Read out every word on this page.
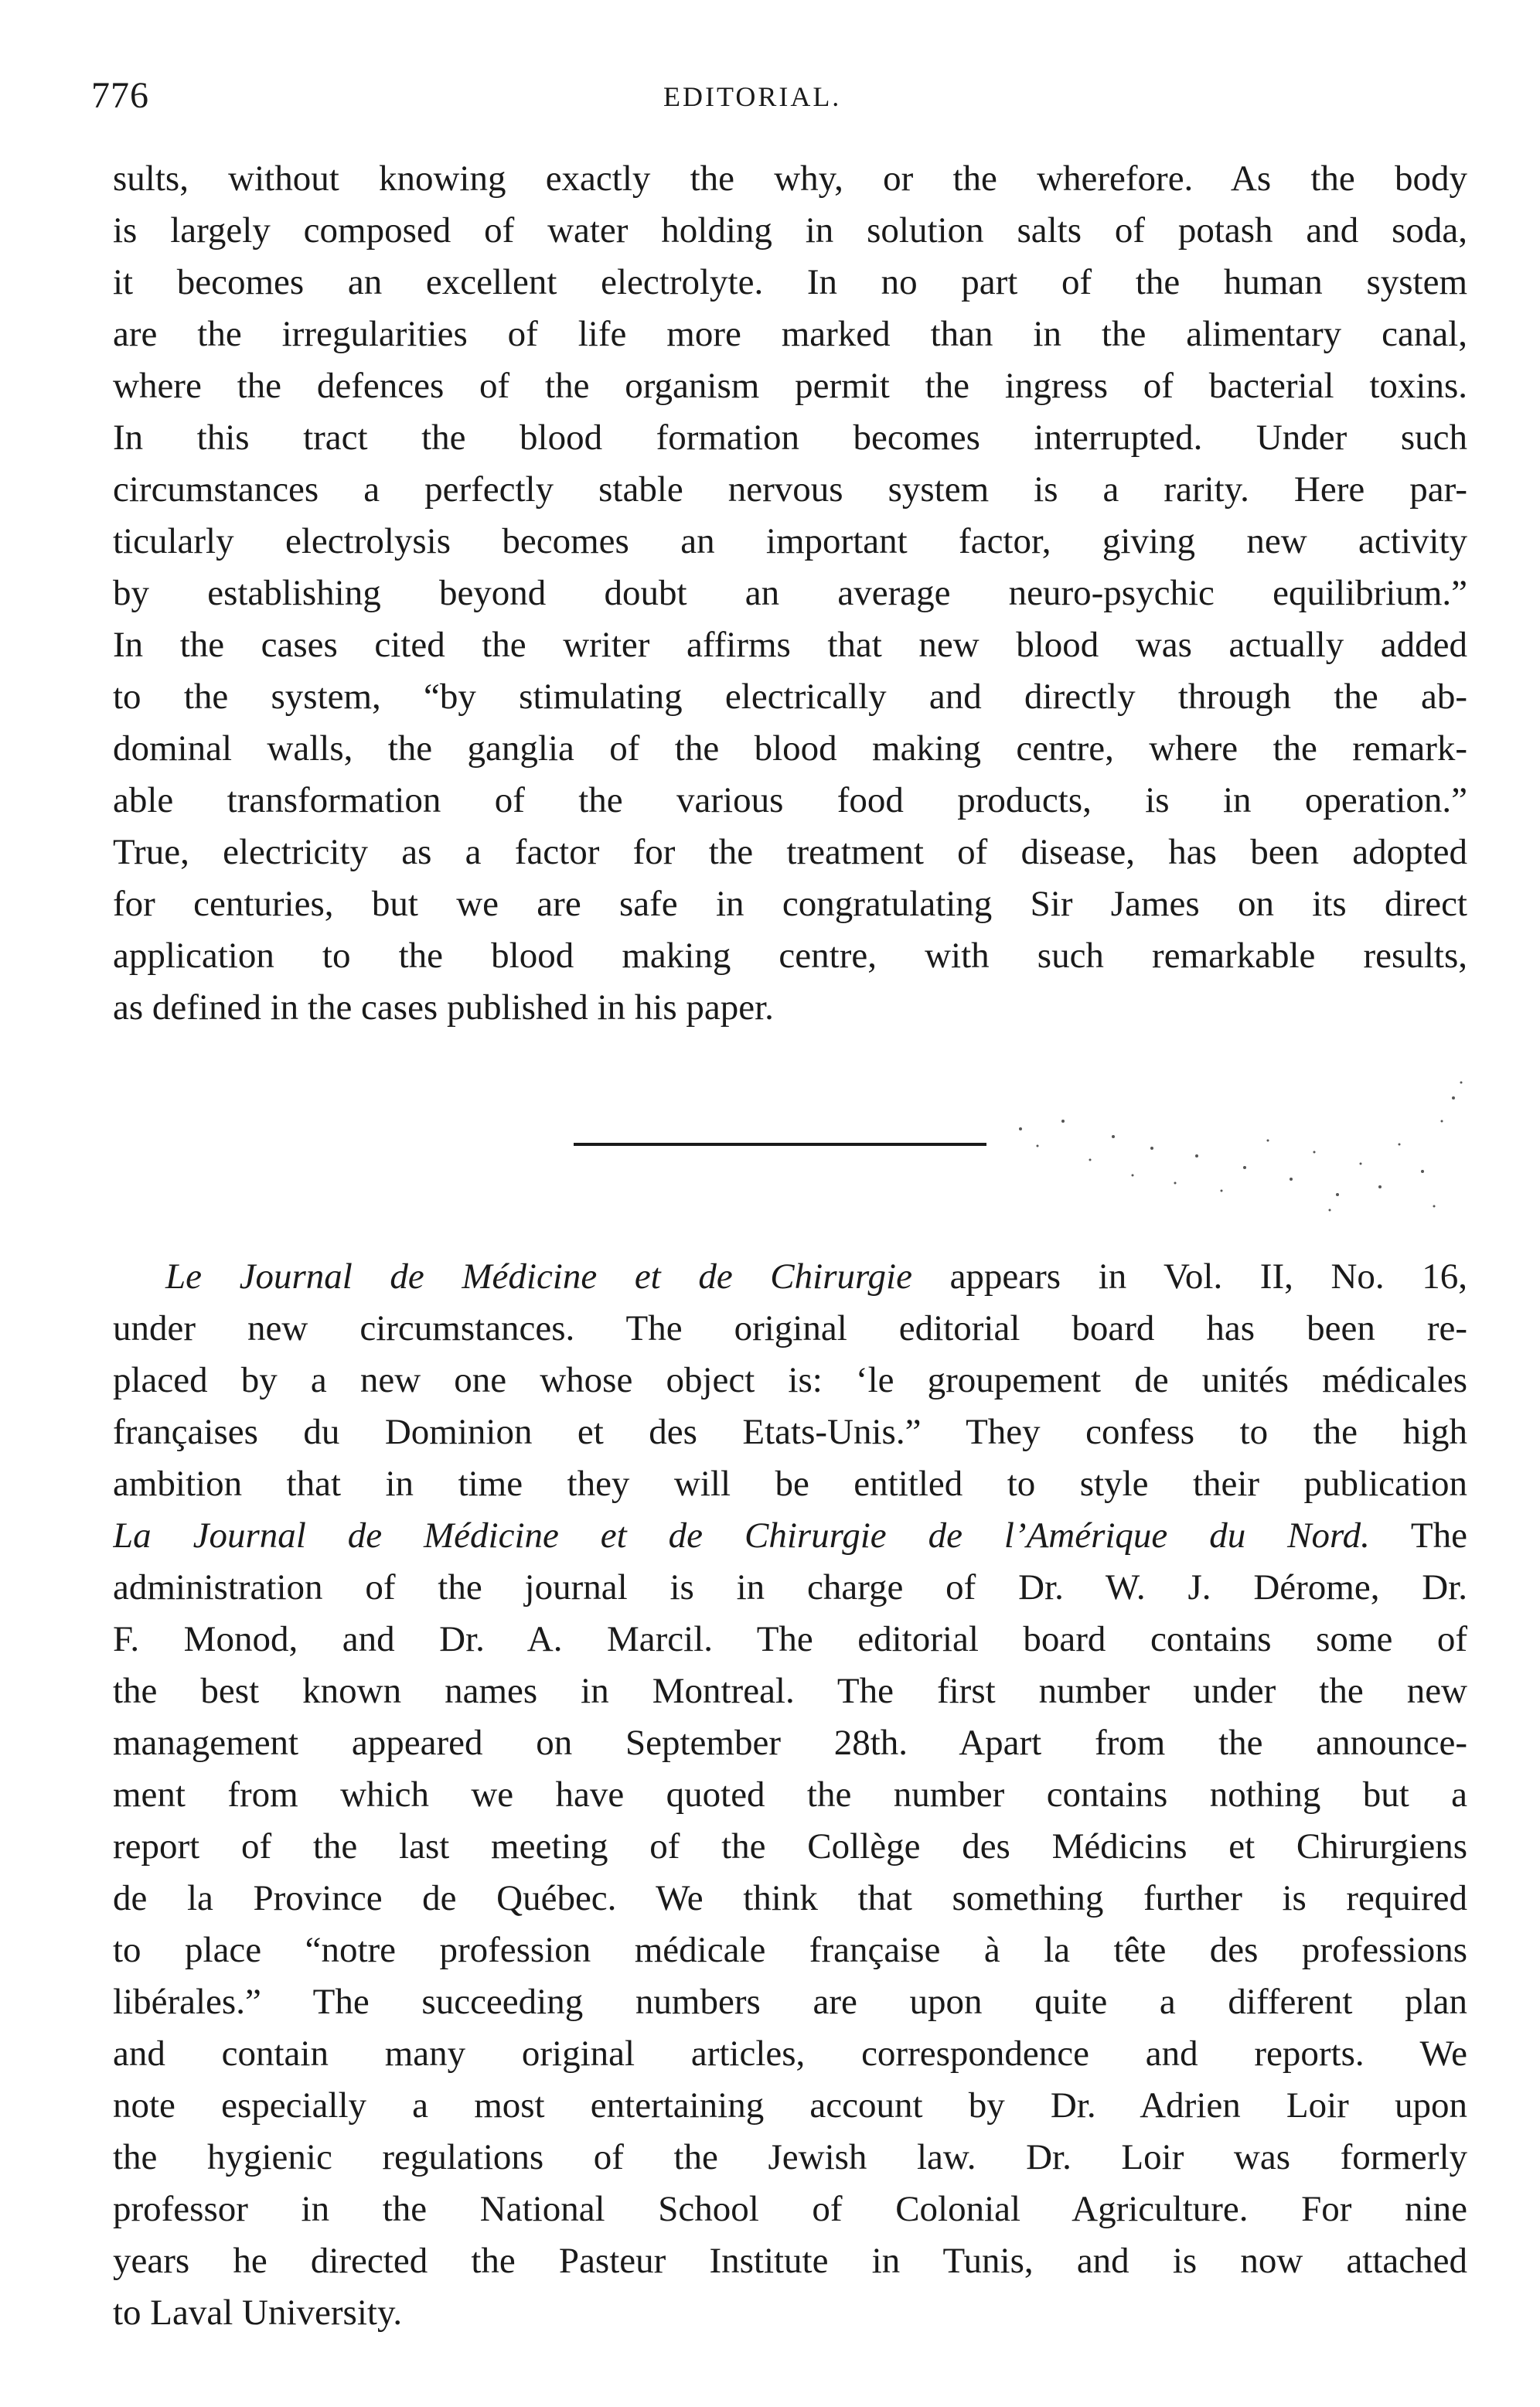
776	EDITORIAL.
sults, without knowing exactly the why, or the wherefore. As the body
is largely composed of water holding in solution salts of potash and soda,
it becomes an excellent electrolyte. In no part of the human system
are the irregularities of life more marked than in the alimentary canal,
where the defences of the organism permit the ingress of bacterial toxins.
In this tract the blood formation becomes interrupted. Under such
circumstances a perfectly stable nervous system is a rarity. Here par-
ticularly electrolysis becomes an important factor, giving new activity
by establishing beyond doubt an average neuro-psychic equilibrium.”
In the cases cited the writer affirms that new blood was actually added
to the system, “by stimulating electrically and directly through the ab-
dominal walls, the ganglia of the blood making centre, where the remark-
able transformation of the various food products, is in operation.”
True, electricity as a factor for the treatment of disease, has been adopted
for centuries, but we are safe in congratulating Sir James on its direct
application to the blood making centre, with such remarkable results,
as defined in the cases published in his paper.
Le Journal de Médicine et de Chirurgie appears in Vol. II, No. 16,
under new circumstances. The original editorial board has been re-
placed by a new one whose object is: ‘le groupement de unités médicales
françaises du Dominion et des Etats-Unis.” They confess to the high
ambition that in time they will be entitled to style their publication
La Journal de Médicine et de Chirurgie de l’Amérique du Nord. The
administration of the journal is in charge of Dr. W. J. Dérome, Dr.
F. Monod, and Dr. A. Marcil. The editorial board contains some of
the best known names in Montreal. The first number under the new
management appeared on September 28th. Apart from the announce-
ment from which we have quoted the number contains nothing but a
report of the last meeting of the Collège des Médicins et Chirurgiens
de la Province de Québec. We think that something further is required
to place “notre profession médicale française à la tête des professions
libérales.” The succeeding numbers are upon quite a different plan
and contain many original articles, correspondence and reports. We
note especially a most entertaining account by Dr. Adrien Loir upon
the hygienic regulations of the Jewish law. Dr. Loir was formerly
professor in the National School of Colonial Agriculture. For nine
years he directed the Pasteur Institute in Tunis, and is now attached
to Laval University.
